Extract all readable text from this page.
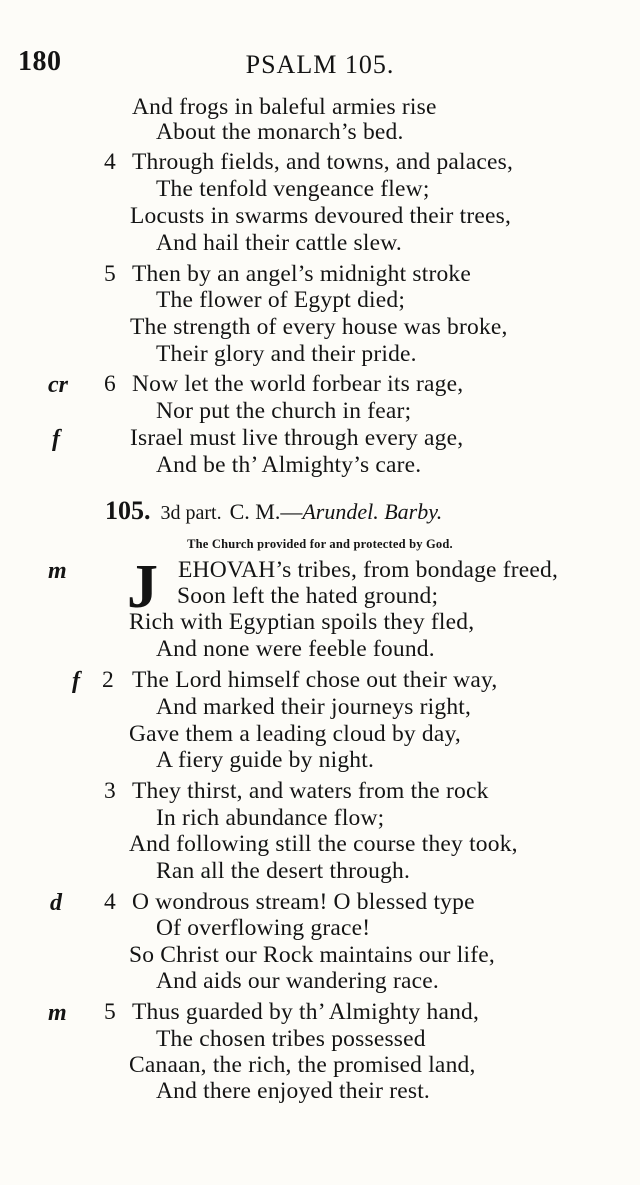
180	PSALM 105.
And frogs in baleful armies rise
About the monarch’s bed.
Through fields, and towns, and palaces,
The tenfold vengeance flew;
Locusts in swarms devoured their trees,
And hail their cattle slew.
Then by an angel’s midnight stroke
The flower of Egypt died;
The strength of every house was broke,
Their glory and their pride.
Now let the world forbear its rage,
Nor put the church in fear;
Israel must live through every age,
And be th’ Almighty’s care.
4
5
6
cr
f
105. 3d part. C. M.—Arundel. Barby.
The Church provided for and protected by God.
J EHOVAH’s tribes, from bondage freed,
Soon left the hated ground;
Rich with Egyptian spoils they fled,
And none were feeble found.
The Lord himself chose out their way,
And marked their journeys right,
Gave them a leading cloud by day,
A fiery guide by night.
They thirst, and waters from the rock
In rich abundance flow;
And following still the course they took,
Ran all the desert through.
O wondrous stream! O blessed type
Of overflowing grace!
So Christ our Rock maintains our life,
And aids our wandering race.
Thus guarded by th’ Almighty hand,
The chosen tribes possessed
Canaan, the rich, the promised land,
And there enjoyed their rest.
2
3
4
5
m
f
d
m
